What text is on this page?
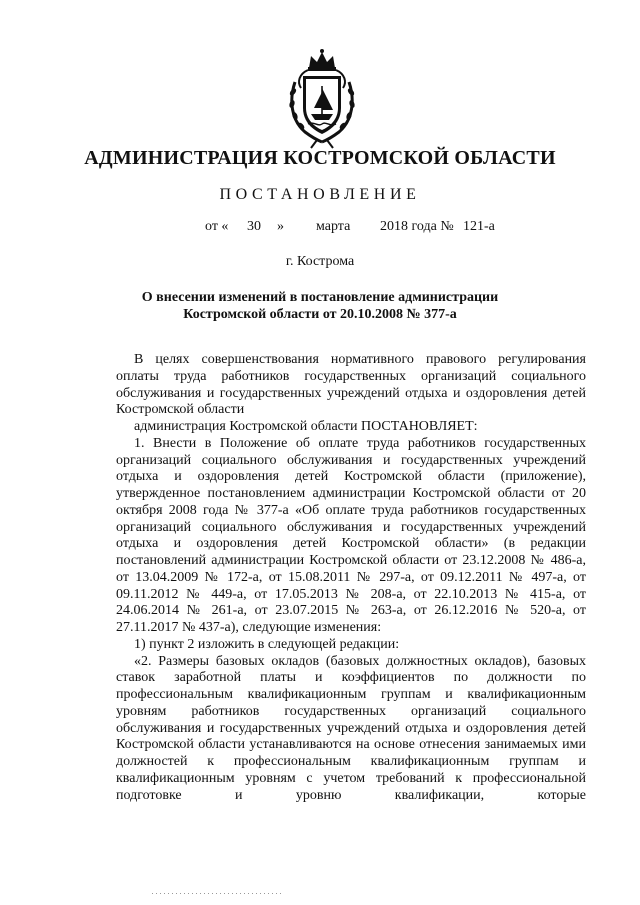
АДМИНИСТРАЦИЯ КОСТРОМСКОЙ ОБЛАСТИ
ПОСТАНОВЛЕНИЕ
от « 30 » марта 2018 года № 121-а
г. Кострома
О внесении изменений в постановление администрации
Костромской области от 20.10.2008 № 377-а

В целях совершенствования нормативного правового регулирования оплаты труда работников государственных организаций социального обслуживания и государственных учреждений отдыха и оздоровления детей Костромской области

администрация Костромской области ПОСТАНОВЛЯЕТ:

1. Внести в Положение об оплате труда работников государственных организаций социального обслуживания и государственных учреждений отдыха и оздоровления детей Костромской области (приложение), утвержденное постановлением администрации Костромской области от 20 октября 2008 года № 377-а «Об оплате труда работников государственных организаций социального обслуживания и государственных учреждений отдыха и оздоровления детей Костромской области» (в редакции постановлений администрации Костромской области от 23.12.2008 № 486-а, от 13.04.2009 № 172-а, от 15.08.2011 № 297-а, от 09.12.2011 № 497-а, от 09.11.2012 № 449-а, от 17.05.2013 № 208-а, от 22.10.2013 № 415-а, от 24.06.2014 № 261-а, от 23.07.2015 № 263-а, от 26.12.2016 № 520-а, от 27.11.2017 № 437-а), следующие изменения:

1) пункт 2 изложить в следующей редакции:

«2. Размеры базовых окладов (базовых должностных окладов), базовых ставок заработной платы и коэффициентов по должности по профессиональным квалификационным группам и квалификационным уровням работников государственных организаций социального обслуживания и государственных учреждений отдыха и оздоровления детей Костромской области устанавливаются на основе отнесения занимаемых ими должностей к профессиональным квалификационным группам и квалификационным уровням с учетом требований к профессиональной подготовке и уровню квалификации, которые
